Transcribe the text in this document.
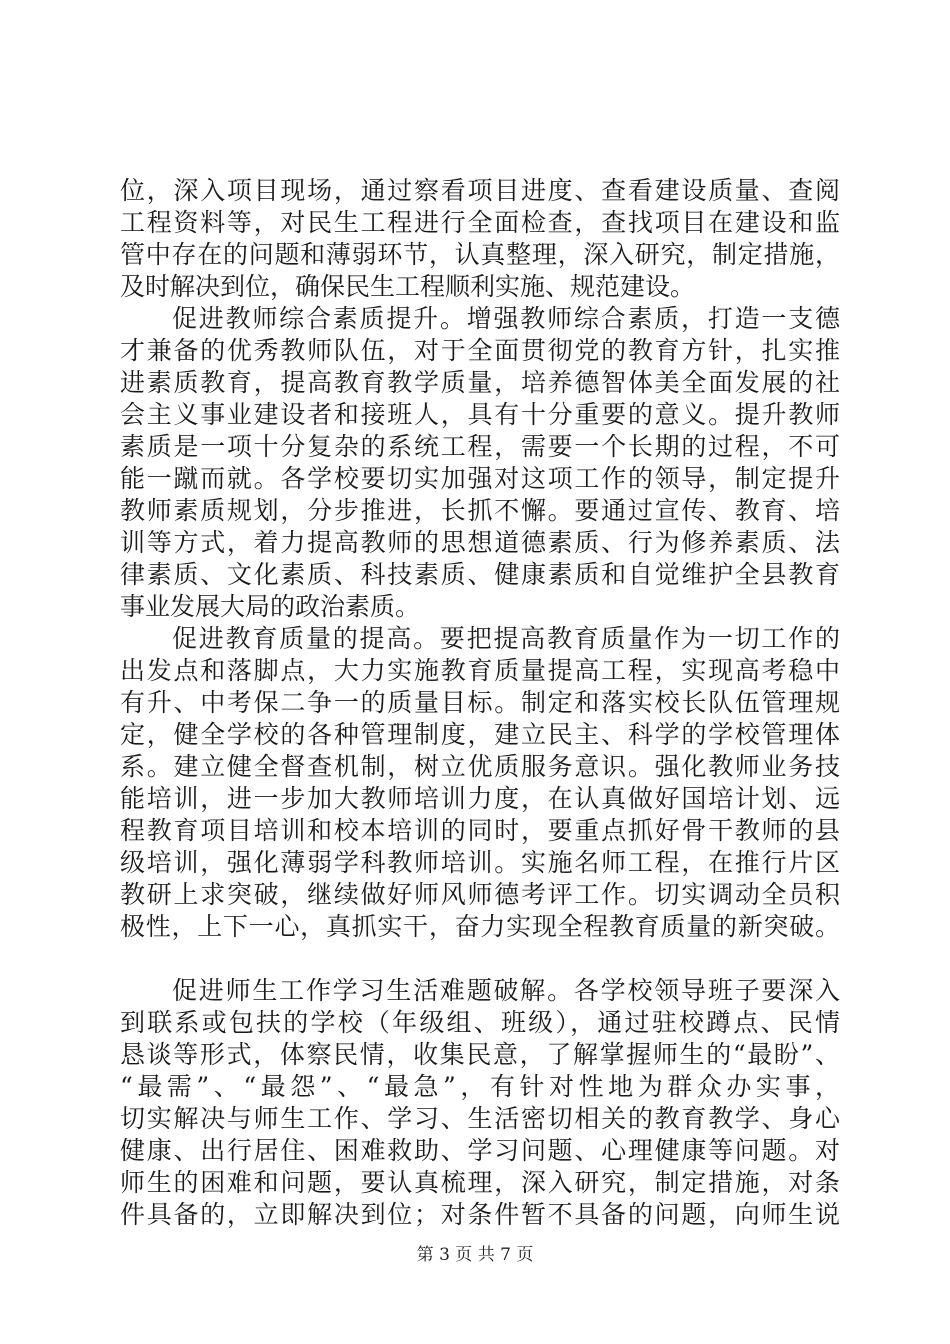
位，深入项目现场，通过察看项目进度、查看建设质量、查阅
工程资料等，对民生工程进行全面检查，查找项目在建设和监
管中存在的问题和薄弱环节，认真整理，深入研究，制定措施，
及时解决到位，确保民生工程顺利实施、规范建设。
促进教师综合素质提升。增强教师综合素质，打造一支德
才兼备的优秀教师队伍，对于全面贯彻党的教育方针，扎实推
进素质教育，提高教育教学质量，培养德智体美全面发展的社
会主义事业建设者和接班人，具有十分重要的意义。提升教师
素质是一项十分复杂的系统工程，需要一个长期的过程，不可
能一蹴而就。各学校要切实加强对这项工作的领导，制定提升
教师素质规划，分步推进，长抓不懈。要通过宣传、教育、培
训等方式，着力提高教师的思想道德素质、行为修养素质、法
律素质、文化素质、科技素质、健康素质和自觉维护全县教育
事业发展大局的政治素质。
促进教育质量的提高。要把提高教育质量作为一切工作的
出发点和落脚点，大力实施教育质量提高工程，实现高考稳中
有升、中考保二争一的质量目标。制定和落实校长队伍管理规
定，健全学校的各种管理制度，建立民主、科学的学校管理体
系。建立健全督查机制，树立优质服务意识。强化教师业务技
能培训，进一步加大教师培训力度，在认真做好国培计划、远
程教育项目培训和校本培训的同时，要重点抓好骨干教师的县
级培训，强化薄弱学科教师培训。实施名师工程，在推行片区
教研上求突破，继续做好师风师德考评工作。切实调动全员积
极性，上下一心，真抓实干，奋力实现全程教育质量的新突破。
促进师生工作学习生活难题破解。各学校领导班子要深入
到联系或包扶的学校（年级组、班级），通过驻校蹲点、民情
恳谈等形式，体察民情，收集民意，了解掌握师生的“最盼”、
“最需”、“最怨”、“最急”，有针对性地为群众办实事，
切实解决与师生工作、学习、生活密切相关的教育教学、身心
健康、出行居住、困难救助、学习问题、心理健康等问题。对
师生的困难和问题，要认真梳理，深入研究，制定措施，对条
件具备的，立即解决到位；对条件暂不具备的问题，向师生说
第 3 页 共 7 页
